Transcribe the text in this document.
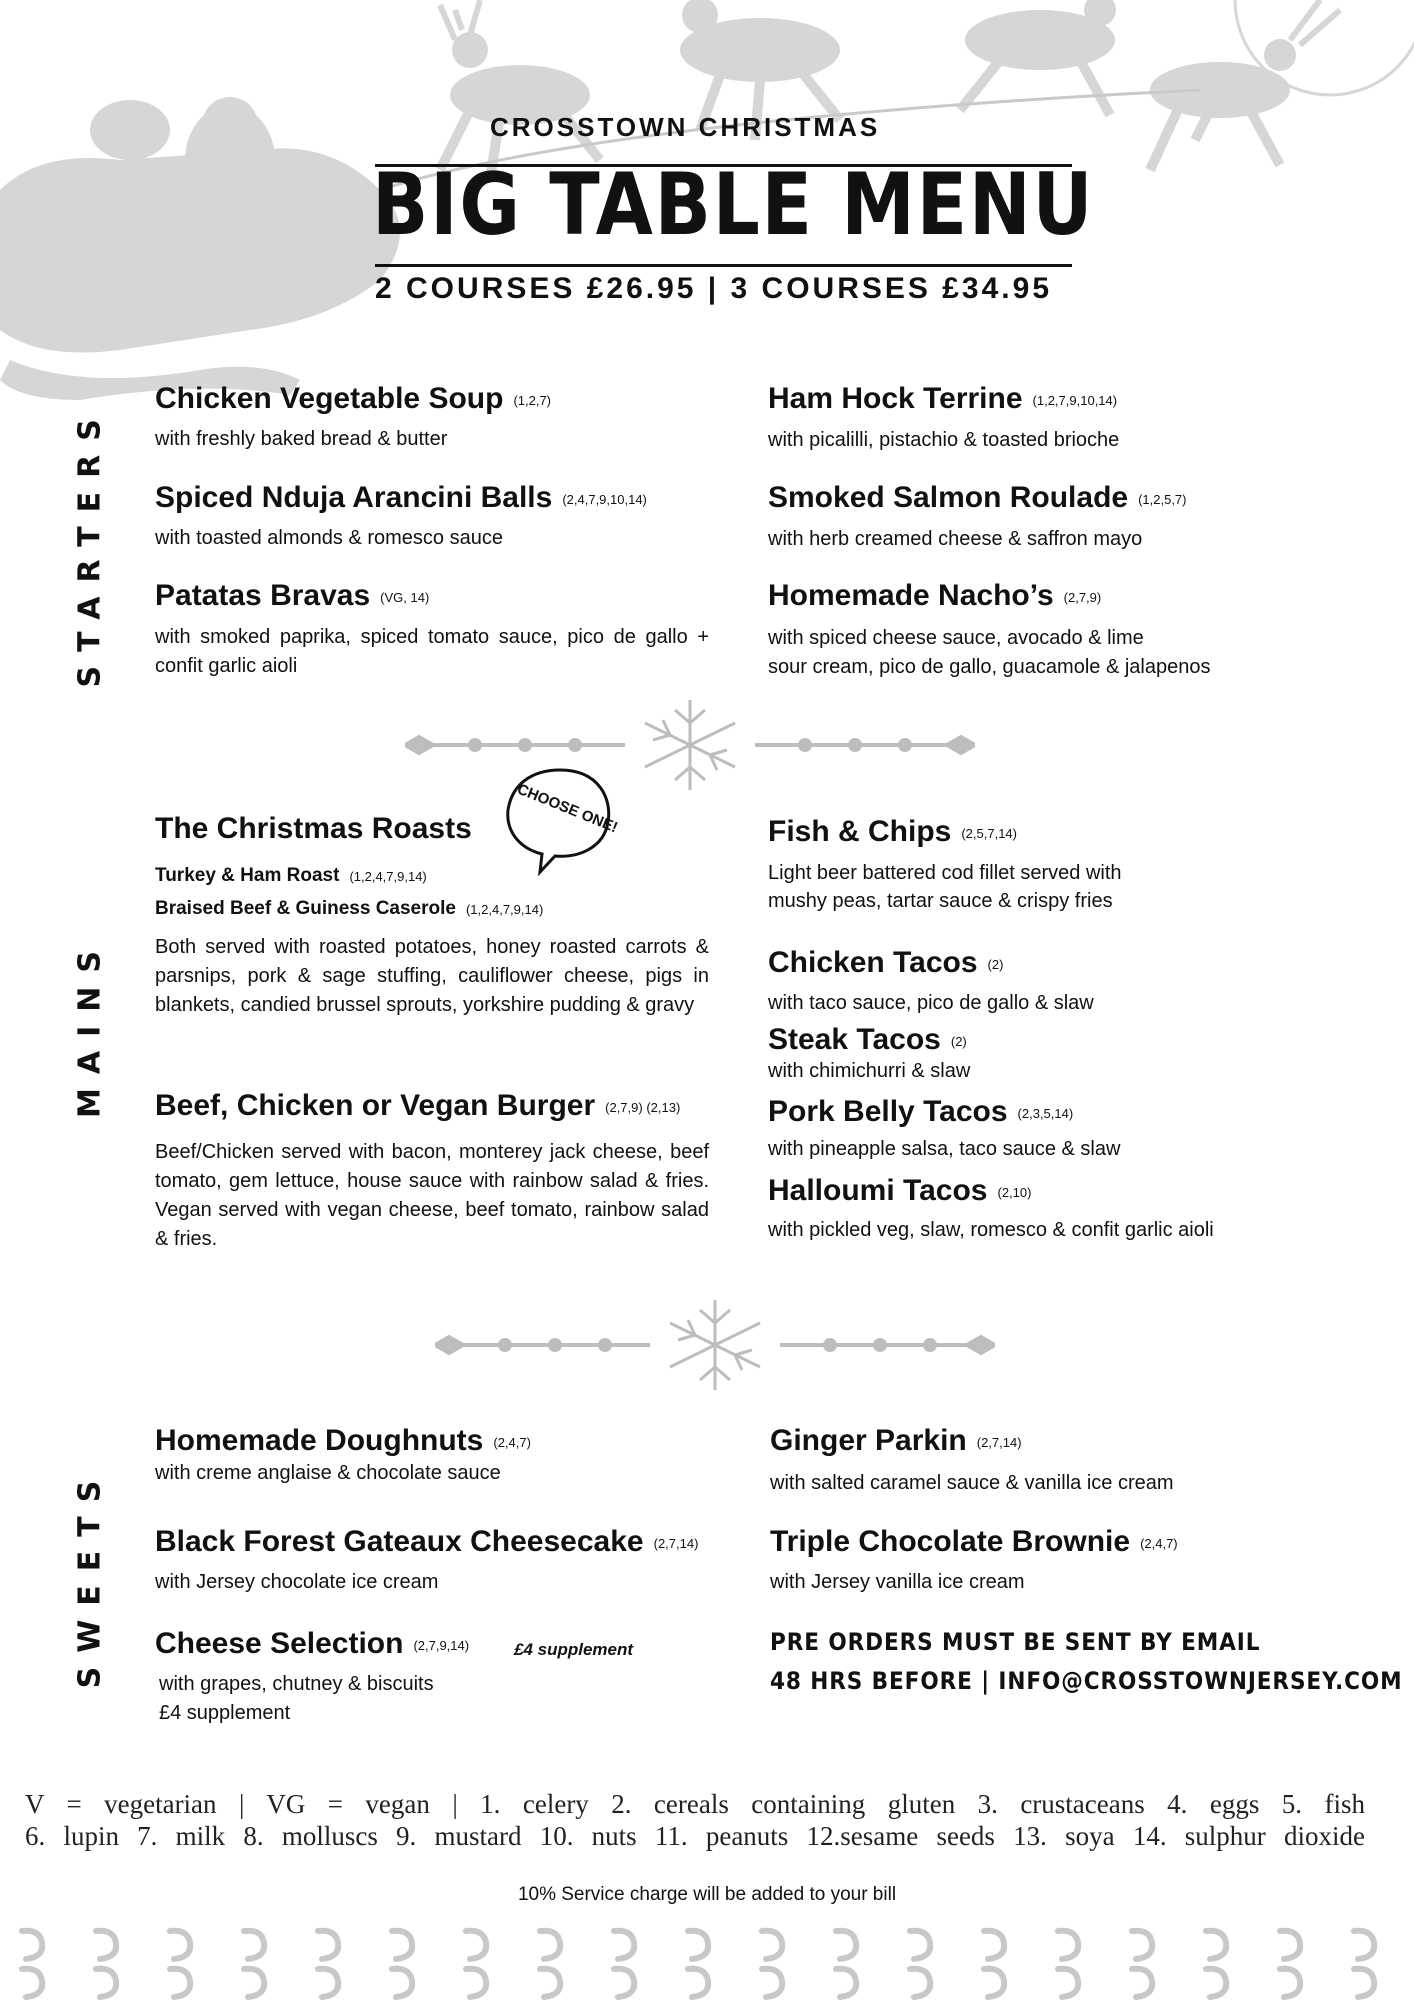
CROSSTOWN CHRISTMAS
BIG TABLE MENU
2 COURSES £26.95 | 3 COURSES £34.95
STARTERS
MAINS
SWEETS
Chicken Vegetable Soup (1,2,7)
with freshly baked bread & butter
Spiced Nduja Arancini Balls (2,4,7,9,10,14)
with toasted almonds & romesco sauce
Patatas Bravas (VG, 14)
with smoked paprika, spiced tomato sauce, pico de gallo + confit garlic aioli
Ham Hock Terrine (1,2,7,9,10,14)
with picalilli, pistachio & toasted brioche
Smoked Salmon Roulade (1,2,5,7)
with herb creamed cheese & saffron mayo
Homemade Nacho’s (2,7,9)
with spiced cheese sauce, avocado & lime
sour cream, pico de gallo, guacamole & jalapenos
The Christmas Roasts	CHOOSE ONE!
Turkey & Ham Roast (1,2,4,7,9,14)
Braised Beef & Guiness Caserole (1,2,4,7,9,14)
Both served with roasted potatoes, honey roasted carrots & parsnips, pork & sage stuffing, cauliflower cheese, pigs in blankets, candied brussel sprouts, yorkshire pudding & gravy
Beef, Chicken or Vegan Burger (2,7,9) (2,13)
Beef/Chicken served with bacon, monterey jack cheese, beef tomato, gem lettuce, house sauce with rainbow salad & fries. Vegan served with vegan cheese, beef tomato, rainbow salad & fries.
Fish & Chips (2,5,7,14)
Light beer battered cod fillet served with
mushy peas, tartar sauce & crispy fries
Chicken Tacos (2)
with taco sauce, pico de gallo & slaw
Steak Tacos (2)
with chimichurri & slaw
Pork Belly Tacos (2,3,5,14)
with pineapple salsa, taco sauce & slaw
Halloumi Tacos (2,10)
with pickled veg, slaw, romesco & confit garlic aioli
Homemade Doughnuts (2,4,7)
with creme anglaise & chocolate sauce
Black Forest Gateaux Cheesecake (2,7,14)
with Jersey chocolate ice cream
Cheese Selection (2,7,9,14)	£4 supplement
with grapes, chutney & biscuits
£4 supplement
Ginger Parkin (2,7,14)
with salted caramel sauce & vanilla ice cream
Triple Chocolate Brownie (2,4,7)
with Jersey vanilla ice cream
PRE ORDERS MUST BE SENT BY EMAIL
48 HRS BEFORE | INFO@CROSSTOWNJERSEY.COM
V = vegetarian | VG = vegan | 1. celery 2. cereals containing gluten 3. crustaceans 4. eggs 5. fish
6. lupin 7. milk 8. molluscs 9. mustard 10. nuts 11. peanuts 12.sesame seeds 13. soya 14. sulphur dioxide
10% Service charge will be added to your bill
